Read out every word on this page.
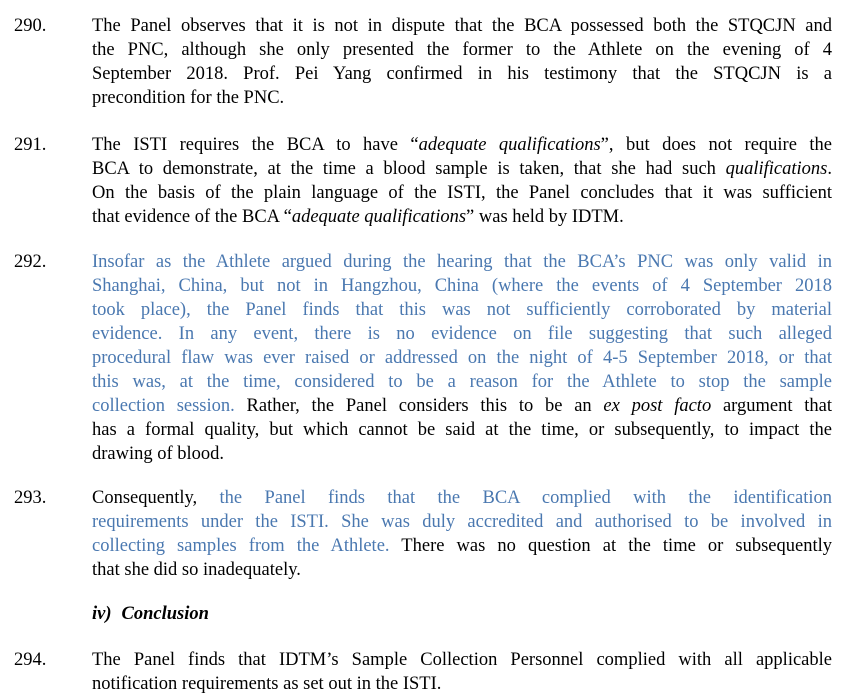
290. The Panel observes that it is not in dispute that the BCA possessed both the STQCJN and
the PNC, although she only presented the former to the Athlete on the evening of 4
September 2018. Prof. Pei Yang confirmed in his testimony that the STQCJN is a
precondition for the PNC.
291. The ISTI requires the BCA to have “adequate qualifications”, but does not require the
BCA to demonstrate, at the time a blood sample is taken, that she had such qualifications.
On the basis of the plain language of the ISTI, the Panel concludes that it was sufficient
that evidence of the BCA “adequate qualifications” was held by IDTM.
292. Insofar as the Athlete argued during the hearing that the BCA’s PNC was only valid in
Shanghai, China, but not in Hangzhou, China (where the events of 4 September 2018
took place), the Panel finds that this was not sufficiently corroborated by material
evidence. In any event, there is no evidence on file suggesting that such alleged
procedural flaw was ever raised or addressed on the night of 4-5 September 2018, or that
this was, at the time, considered to be a reason for the Athlete to stop the sample
collection session. Rather, the Panel considers this to be an ex post facto argument that
has a formal quality, but which cannot be said at the time, or subsequently, to impact the
drawing of blood.
293. Consequently, the Panel finds that the BCA complied with the identification
requirements under the ISTI. She was duly accredited and authorised to be involved in
collecting samples from the Athlete. There was no question at the time or subsequently
that she did so inadequately.
iv) Conclusion
294. The Panel finds that IDTM’s Sample Collection Personnel complied with all applicable
notification requirements as set out in the ISTI.
